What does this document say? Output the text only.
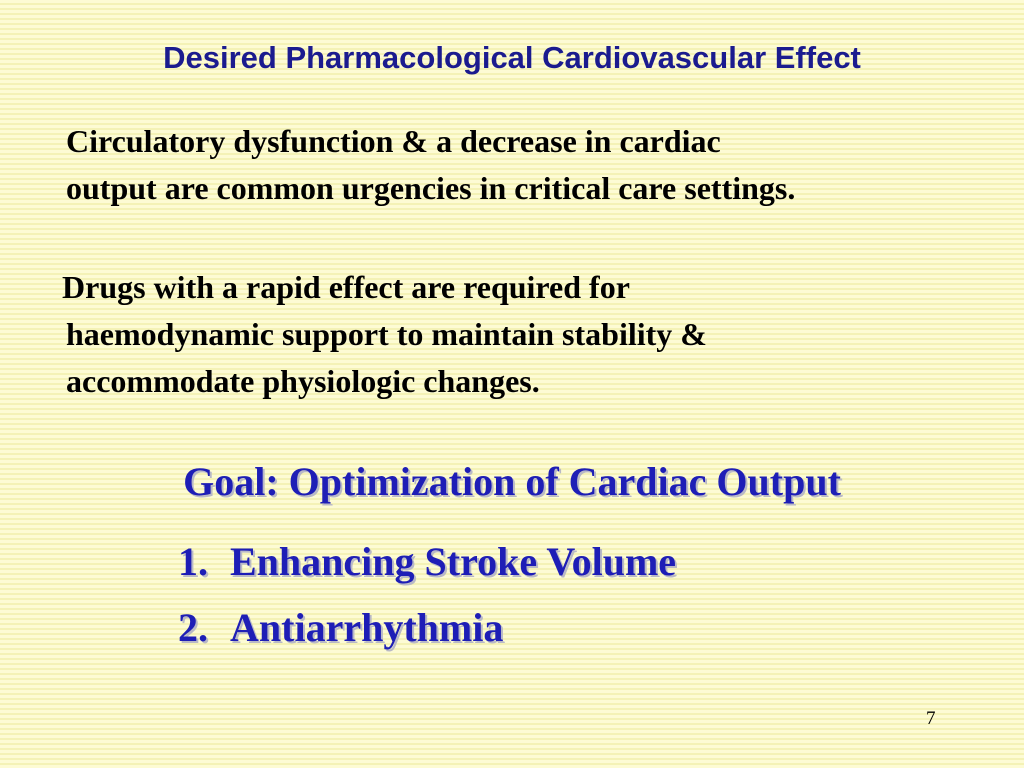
Desired Pharmacological Cardiovascular Effect
Circulatory dysfunction & a decrease in cardiac
output are common urgencies in critical care settings.
Drugs with a rapid effect are required for
haemodynamic support to maintain stability &
accommodate physiologic changes.
Goal: Optimization of Cardiac Output
1. Enhancing Stroke Volume
2. Antiarrhythmia
7
